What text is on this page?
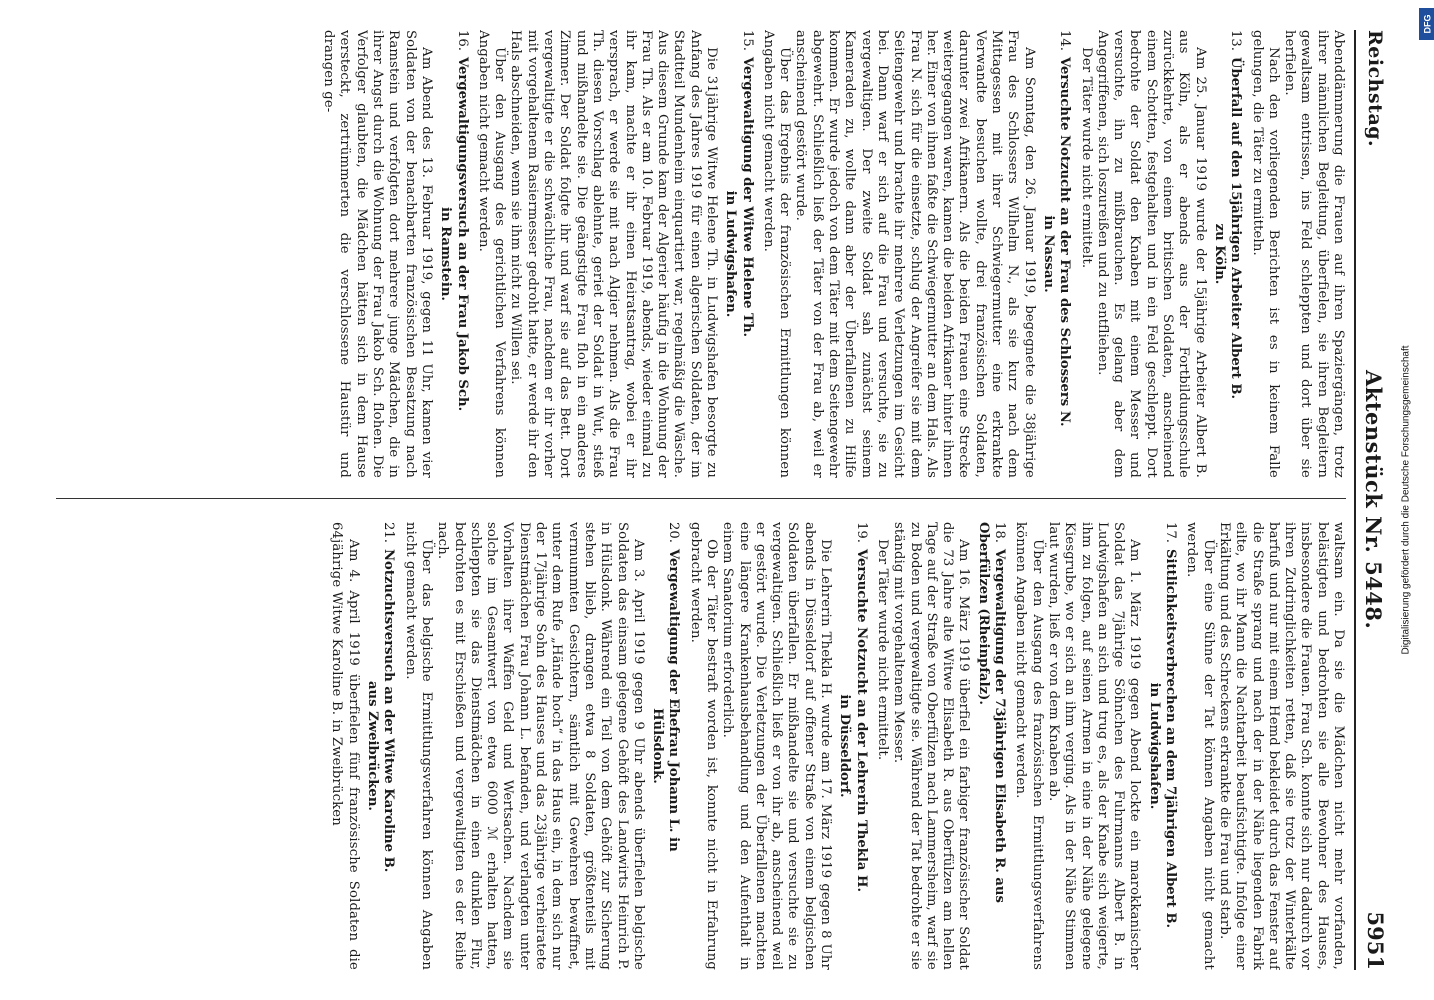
Reichstag.
Aktenstück Nr. 5448.
5951

Abenddämmerung die Frauen auf ihren Spaziergängen, trotz ihrer männlichen Begleitung, überfielen, sie ihren Begleitern gewaltsam entrissen, ins Feld schleppten und dort über sie herfielen.

Nach den vorliegenden Berichten ist es in keinem Falle gelungen, die Täter zu ermitteln.

13.Überfall auf den 15jährigen Arbeiter Albert B.
zu Köln.

Am 25. Januar 1919 wurde der 15jährige Arbeiter Albert B. aus Köln, als er abends aus der Fortbildungsschule zurückkehrte, von einem britischen Soldaten, anscheinend einem Schotten, festgehalten und in ein Feld geschleppt. Dort bedrohte der Soldat den Knaben mit einem Messer und versuchte, ihn zu mißbrauchen. Es gelang aber dem Angegriffenen, sich loszureißen und zu entfliehen.

Der Täter wurde nicht ermittelt.

14.Versuchte Notzucht an der Frau des Schlossers N.
in Nassau.

Am Sonntag, den 26. Januar 1919, begegnete die 38jährige Frau des Schlossers Wilhelm N., als sie kurz nach dem Mittagessen mit ihrer Schwiegermutter eine erkrankte Verwandte besuchen wollte, drei französischen Soldaten, darunter zwei Afrikanern. Als die beiden Frauen eine Strecke weitergegangen waren, kamen die beiden Afrikaner hinter ihnen her. Einer von ihnen faßte die Schwiegermutter an dem Hals. Als Frau N. sich für die einsetzte, schlug der Angreifer sie mit dem Seitengewehr und brachte ihr mehrere Verletzungen im Gesicht bei. Dann warf er sich auf die Frau und versuchte, sie zu vergewaltigen. Der zweite Soldat sah zunächst seinem Kameraden zu, wollte dann aber der Überfallenen zu Hilfe kommen. Er wurde jedoch von dem Täter mit dem Seitengewehr abgewehrt. Schließlich ließ der Täter von der Frau ab, weil er anscheinend gestört wurde.

Über das Ergebnis der französischen Ermittlungen können Angaben nicht gemacht werden.

15.Vergewaltigung der Witwe Helene Th.
in Ludwigshafen.

Die 31jährige Witwe Helene Th. in Ludwigshafen besorgte zu Anfang des Jahres 1919 für einen algerischen Soldaten, der im Stadtteil Mundenheim einquartiert war, regelmäßig die Wäsche. Aus diesem Grunde kam der Algerier häufig in die Wohnung der Frau Th. Als er am 10. Februar 1919, abends, wieder einmal zu ihr kam, machte er ihr einen Heiratsantrag, wobei er ihr versprach, er werde sie mit nach Algier nehmen. Als die Frau Th. diesen Vorschlag ablehnte, geriet der Soldat in Wut, stieß und mißhandelte sie. Die geängstigte Frau floh in ein anderes Zimmer. Der Soldat folgte ihr und warf sie auf das Bett. Dort vergewaltigte er die schwächliche Frau, nachdem er ihr vorher mit vorgehaltenem Rasiermesser gedroht hatte, er werde ihr den Hals abschneiden, wenn sie ihm nicht zu Willen sei.

Über den Ausgang des gerichtlichen Verfahrens können Angaben nicht gemacht werden.

16.Vergewaltigungsversuch an der Frau Jakob Sch.
in Ramstein.

Am Abend des 13. Februar 1919, gegen 11 Uhr, kamen vier Soldaten von der benachbarten französischen Besatzung nach Ramstein und verfolgten dort mehrere junge Mädchen, die in ihrer Angst durch die Wohnung der Frau Jakob Sch. flohen. Die Verfolger glaubten, die Mädchen hätten sich in dem Hause versteckt, zertrümmerten die verschlossene Haustür und drangen ge-

waltsam ein. Da sie die Mädchen nicht mehr vorfanden, belästigten und bedrohten sie alle Bewohner des Hauses, insbesondere die Frauen. Frau Sch. konnte sich nur dadurch vor ihren Zudringlichkeiten retten, daß sie trotz der Winterkälte barfuß und nur mit einem Hemd bekleidet durch das Fenster auf die Straße sprang und nach der in der Nähe liegenden Fabrik eilte, wo ihr Mann die Nachtarbeit beaufsichtigte. Infolge einer Erkältung und des Schreckens erkrankte die Frau und starb.

Über eine Sühne der Tat können Angaben nicht gemacht werden.

17.Sittlichkeitsverbrechen an dem 7jährigen Albert B.
in Ludwigshafen.

Am 1. März 1919 gegen Abend lockte ein marokkanischer Soldat das 7jährige Söhnchen des Fuhrmanns Albert B. in Ludwigshafen an sich und trug es, als der Knabe sich weigerte, ihm zu folgen, auf seinen Armen in eine in der Nähe gelegene Kiesgrube, wo er sich an ihm verging. Als in der Nähe Stimmen laut wurden, ließ er von dem Knaben ab.

Über den Ausgang des französischen Ermittlungsverfahrens können Angaben nicht gemacht werden.

18.Vergewaltigung der 73jährigen Elisabeth R. aus Oberfülzen (Rheinpfalz).

Am 16. März 1919 überfiel ein farbiger französischer Soldat die 73 Jahre alte Witwe Elisabeth R. aus Oberfülzen am hellen Tage auf der Straße von Oberfülzen nach Lammersheim, warf sie zu Boden und vergewaltigte sie. Während der Tat bedrohte er sie ständig mit vorgehaltenem Messer.

Der Täter wurde nicht ermittelt.

19.Versuchte Notzucht an der Lehrerin Thekla H.
in Düsseldorf.

Die Lehrerin Thekla H. wurde am 17. März 1919 gegen 8 Uhr abends in Düsseldorf auf offener Straße von einem belgischen Soldaten überfallen. Er mißhandelte sie und versuchte sie zu vergewaltigen. Schließlich ließ er von ihr ab, anscheinend weil er gestört wurde. Die Verletzungen der Überfallenen machten eine längere Krankenhausbehandlung und den Aufenthalt in einem Sanatorium erforderlich.

Ob der Täter bestraft worden ist, konnte nicht in Erfahrung gebracht werden.

20.Vergewaltigung der Ehefrau Johann L. in
Hülsdonk.

Am 3. April 1919 gegen 9 Uhr abends überfielen belgische Soldaten das einsam gelegene Gehöft des Landwirts Heinrich P. in Hülsdonk. Während ein Teil von dem Gehöft zur Sicherung stehen blieb, drangen etwa 8 Soldaten, größtenteils mit vermummten Gesichtern, sämtlich mit Gewehren bewaffnet, unter dem Rufe „Hände hoch“ in das Haus ein, in dem sich nur der 17jährige Sohn des Hauses und das 23jährige verheiratete Dienstmädchen Frau Johann L. befanden, und verlangten unter Vorhalten ihrer Waffen Geld und Wertsachen. Nachdem sie solche im Gesamtwert von etwa 6000 ℳ erhalten hatten, schleppten sie das Dienstmädchen in einen dunklen Flur, bedrohten es mit Erschießen und vergewaltigten es der Reihe nach.

Über das belgische Ermittlungsverfahren können Angaben nicht gemacht werden.

21.Notzuchtsversuch an der Witwe Karoline B.
aus Zweibrücken.

Am 4. April 1919 überfielen fünf französische Soldaten die 64jährige Witwe Karoline B. in Zweibrücken

Digitalisierung gefördert durch die Deutsche Forschungsgemeinschaft
DFG
